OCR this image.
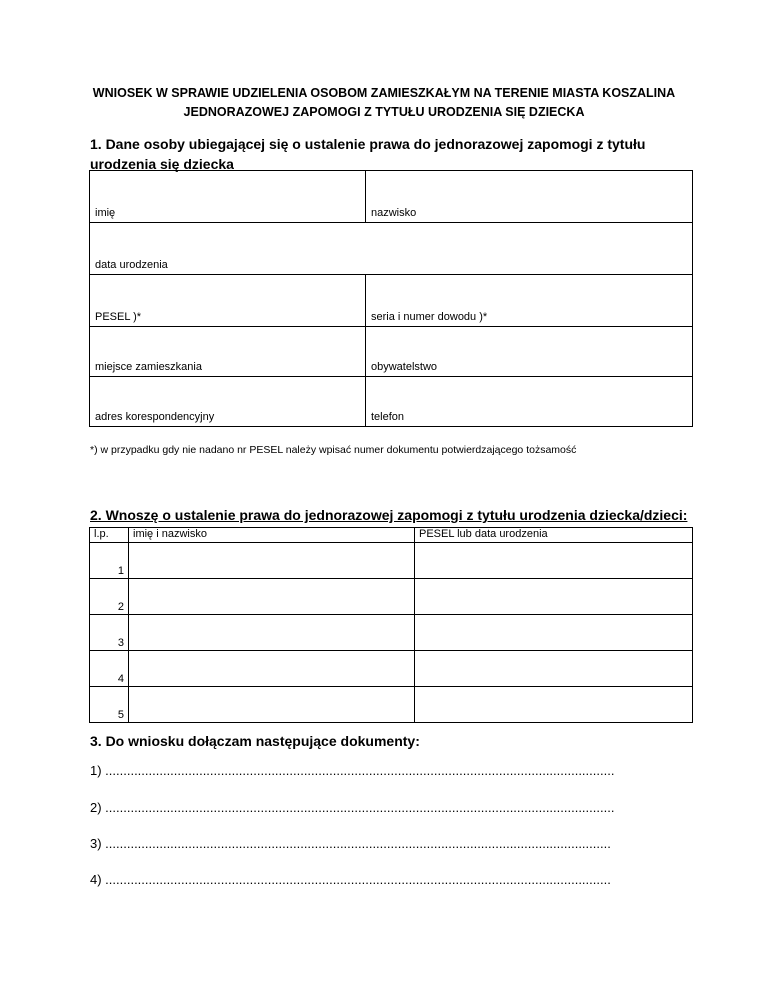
WNIOSEK W SPRAWIE UDZIELENIA OSOBOM ZAMIESZKAŁYM NA TERENIE MIASTA KOSZALINA
JEDNORAZOWEJ ZAPOMOGI Z TYTUŁU URODZENIA SIĘ DZIECKA
1. Dane osoby ubiegającej się o ustalenie prawa do jednorazowej zapomogi z tytułu
urodzenia się dziecka
imię	nazwisko
data urodzenia	
PESEL )*	seria i numer dowodu )*
miejsce zamieszkania	obywatelstwo
adres korespondencyjny	telefon
*) w przypadku gdy nie nadano nr PESEL należy wpisać numer dokumentu potwierdzającego tożsamość
2. Wnoszę o ustalenie prawa do jednorazowej zapomogi z tytułu urodzenia dziecka/dzieci:
l.p.	imię i nazwisko	PESEL lub data urodzenia
1		
2		
3		
4		
5		
3. Do wniosku dołączam następujące dokumenty:
1) .............................................................................................................................................
2) .............................................................................................................................................
3) ............................................................................................................................................
4) ............................................................................................................................................
